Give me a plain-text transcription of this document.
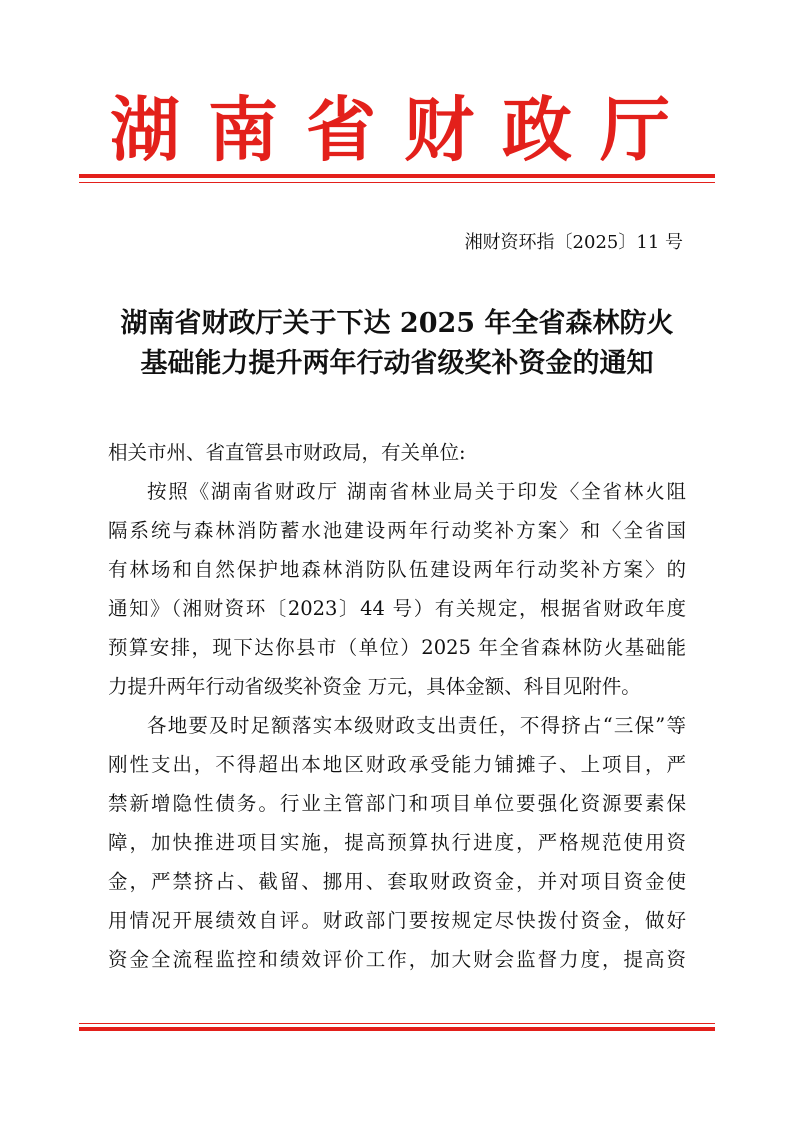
湖南省财政厅
湘财资环指〔2025〕11 号
湖南省财政厅关于下达 2025 年全省森林防火
基础能力提升两年行动省级奖补资金的通知

相关市州、省直管县市财政局，有关单位:

按照《湖南省财政厅 湖南省林业局关于印发〈全省林火阻
隔系统与森林消防蓄水池建设两年行动奖补方案〉和〈全省国
有林场和自然保护地森林消防队伍建设两年行动奖补方案〉的
通知》（湘财资环〔2023〕44 号）有关规定，根据省财政年度
预算安排，现下达你县市（单位）2025 年全省森林防火基础能
力提升两年行动省级奖补资金 万元，具体金额、科目见附件。

各地要及时足额落实本级财政支出责任，不得挤占“三保”等
刚性支出，不得超出本地区财政承受能力铺摊子、上项目，严
禁新增隐性债务。行业主管部门和项目单位要强化资源要素保
障，加快推进项目实施，提高预算执行进度，严格规范使用资
金，严禁挤占、截留、挪用、套取财政资金，并对项目资金使
用情况开展绩效自评。财政部门要按规定尽快拨付资金，做好
资金全流程监控和绩效评价工作，加大财会监督力度，提高资
